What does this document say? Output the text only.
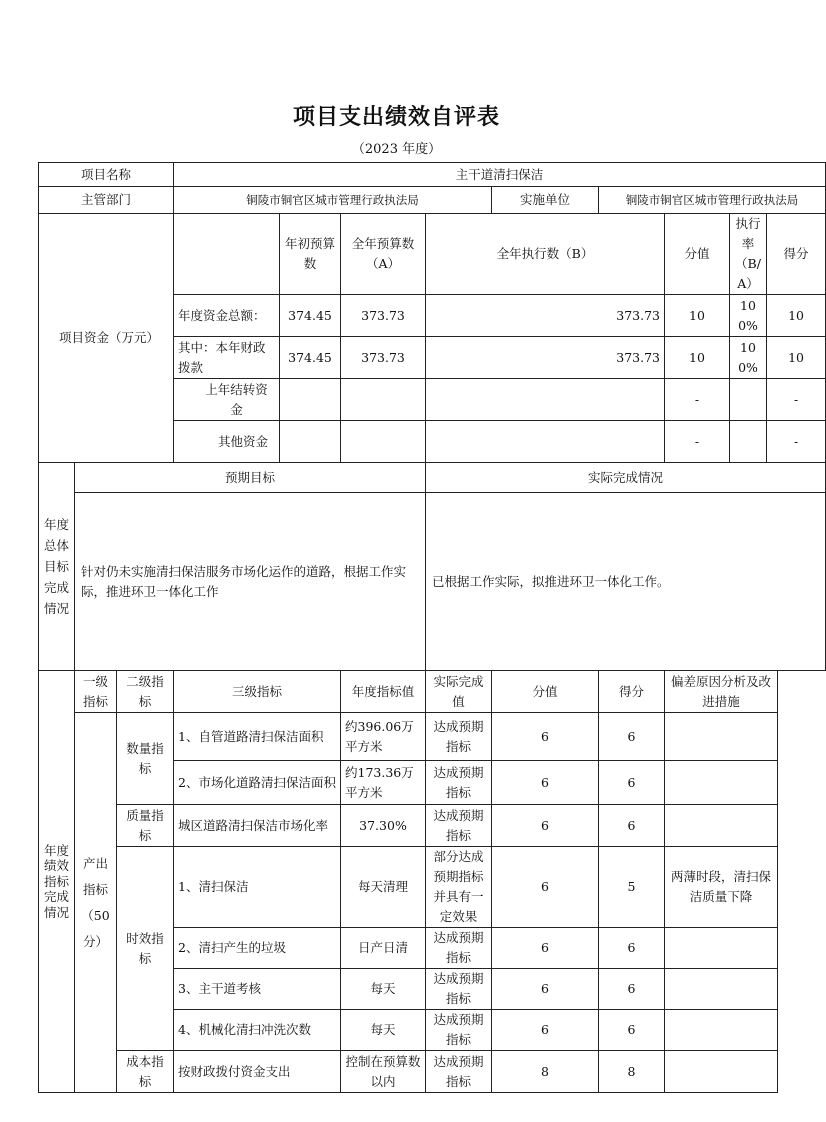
项目支出绩效自评表
（2023 年度）
项目名称			主干道清扫保洁								
主管部门			铜陵市铜官区城市管理行政执法局				实施单位	铜陵市铜官区城市管理行政执法局			
项目资金（万元）				年初预算数	全年预算数（A）	全年执行数（B）			分值	执行率（B/A）	得分
			年度资金总额：	374.45	373.73	373.73			10	100%	10
			其中：本年财政拨款	374.45	373.73	373.73			10	100%	10
			上年结转资金						-		-
			其他资金						-		-
年度总体目标完成情况	预期目标					实际完成情况					
	针对仍未实施清扫保洁服务市场化运作的道路，根据工作实际，推进环卫一体化工作					已根据工作实际，拟推进环卫一体化工作。					
年度绩效指标完成情况	一级指标	二级指标	三级指标		年度指标值	实际完成值	分值	得分	偏差原因分析及改进措施		
	产出指标（50分）	数量指标	1、自管道路清扫保洁面积		约396.06万平方米	达成预期指标	6	6			
			2、市场化道路清扫保洁面积		约173.36万平方米	达成预期指标	6	6			
		质量指标	城区道路清扫保洁市场化率		37.30%	达成预期指标	6	6			
		时效指标	1、清扫保洁		每天清理	部分达成预期指标并具有一定效果	6	5	两薄时段，清扫保洁质量下降		
			2、清扫产生的垃圾		日产日清	达成预期指标	6	6			
			3、主干道考核		每天	达成预期指标	6	6			
			4、机械化清扫冲洗次数		每天	达成预期指标	6	6			
		成本指标	按财政拨付资金支出		控制在预算数以内	达成预期指标	8	8			
